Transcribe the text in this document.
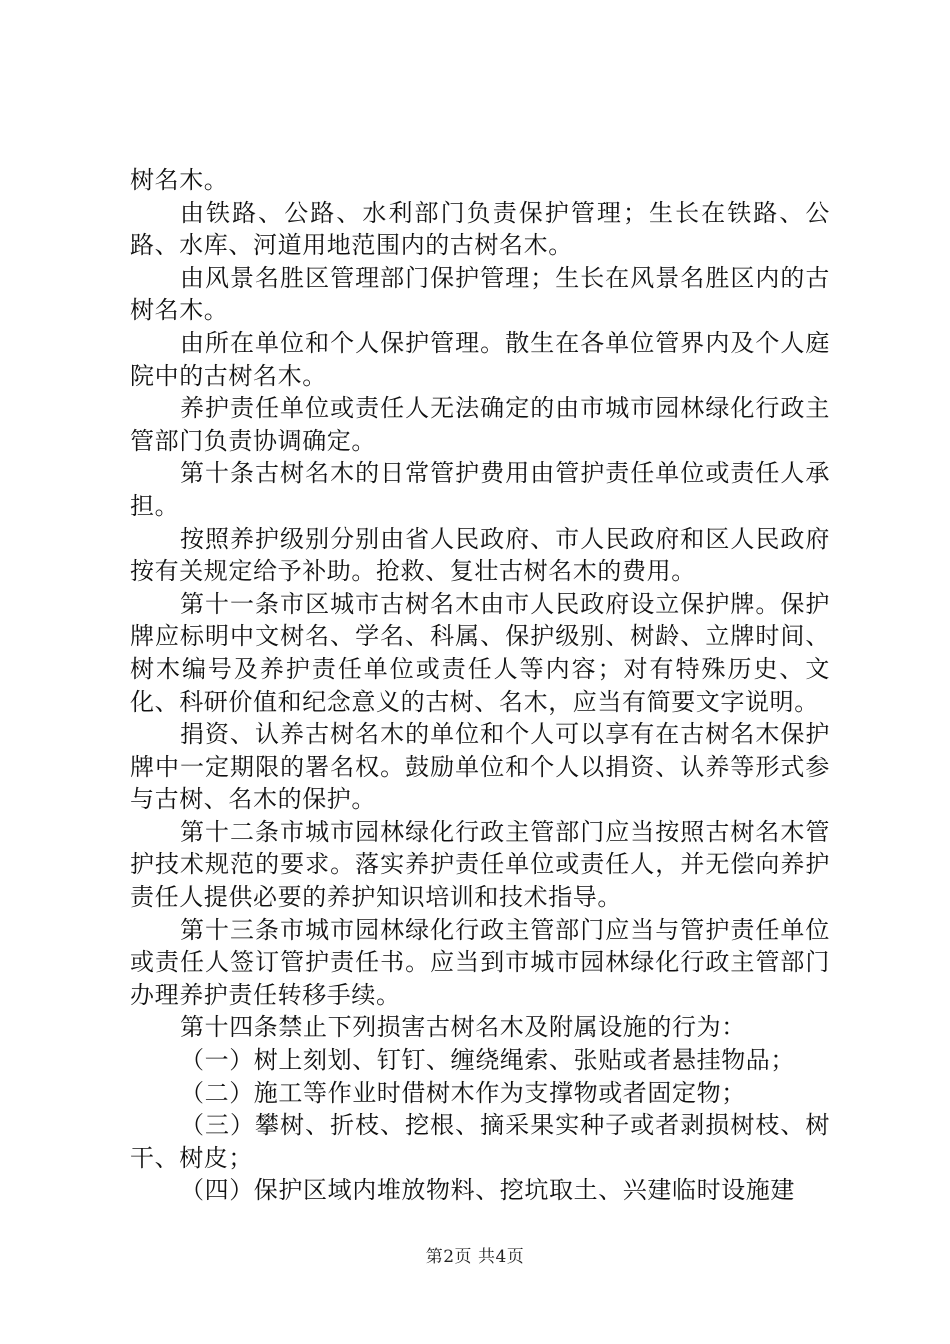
树名木。

由铁路、公路、水利部门负责保护管理；生长在铁路、公路、水库、河道用地范围内的古树名木。

由风景名胜区管理部门保护管理；生长在风景名胜区内的古树名木。

由所在单位和个人保护管理。散生在各单位管界内及个人庭院中的古树名木。

养护责任单位或责任人无法确定的由市城市园林绿化行政主管部门负责协调确定。

第十条古树名木的日常管护费用由管护责任单位或责任人承担。

按照养护级别分别由省人民政府、市人民政府和区人民政府按有关规定给予补助。抢救、复壮古树名木的费用。

第十一条市区城市古树名木由市人民政府设立保护牌。保护牌应标明中文树名、学名、科属、保护级别、树龄、立牌时间、树木编号及养护责任单位或责任人等内容；对有特殊历史、文化、科研价值和纪念意义的古树、名木，应当有简要文字说明。

捐资、认养古树名木的单位和个人可以享有在古树名木保护牌中一定期限的署名权。鼓励单位和个人以捐资、认养等形式参与古树、名木的保护。

第十二条市城市园林绿化行政主管部门应当按照古树名木管护技术规范的要求。落实养护责任单位或责任人，并无偿向养护责任人提供必要的养护知识培训和技术指导。

第十三条市城市园林绿化行政主管部门应当与管护责任单位或责任人签订管护责任书。应当到市城市园林绿化行政主管部门办理养护责任转移手续。

第十四条禁止下列损害古树名木及附属设施的行为：

（一）树上刻划、钉钉、缠绕绳索、张贴或者悬挂物品；

（二）施工等作业时借树木作为支撑物或者固定物；

（三）攀树、折枝、挖根、摘采果实种子或者剥损树枝、树干、树皮；

（四）保护区域内堆放物料、挖坑取土、兴建临时设施建

第2页 共4页
